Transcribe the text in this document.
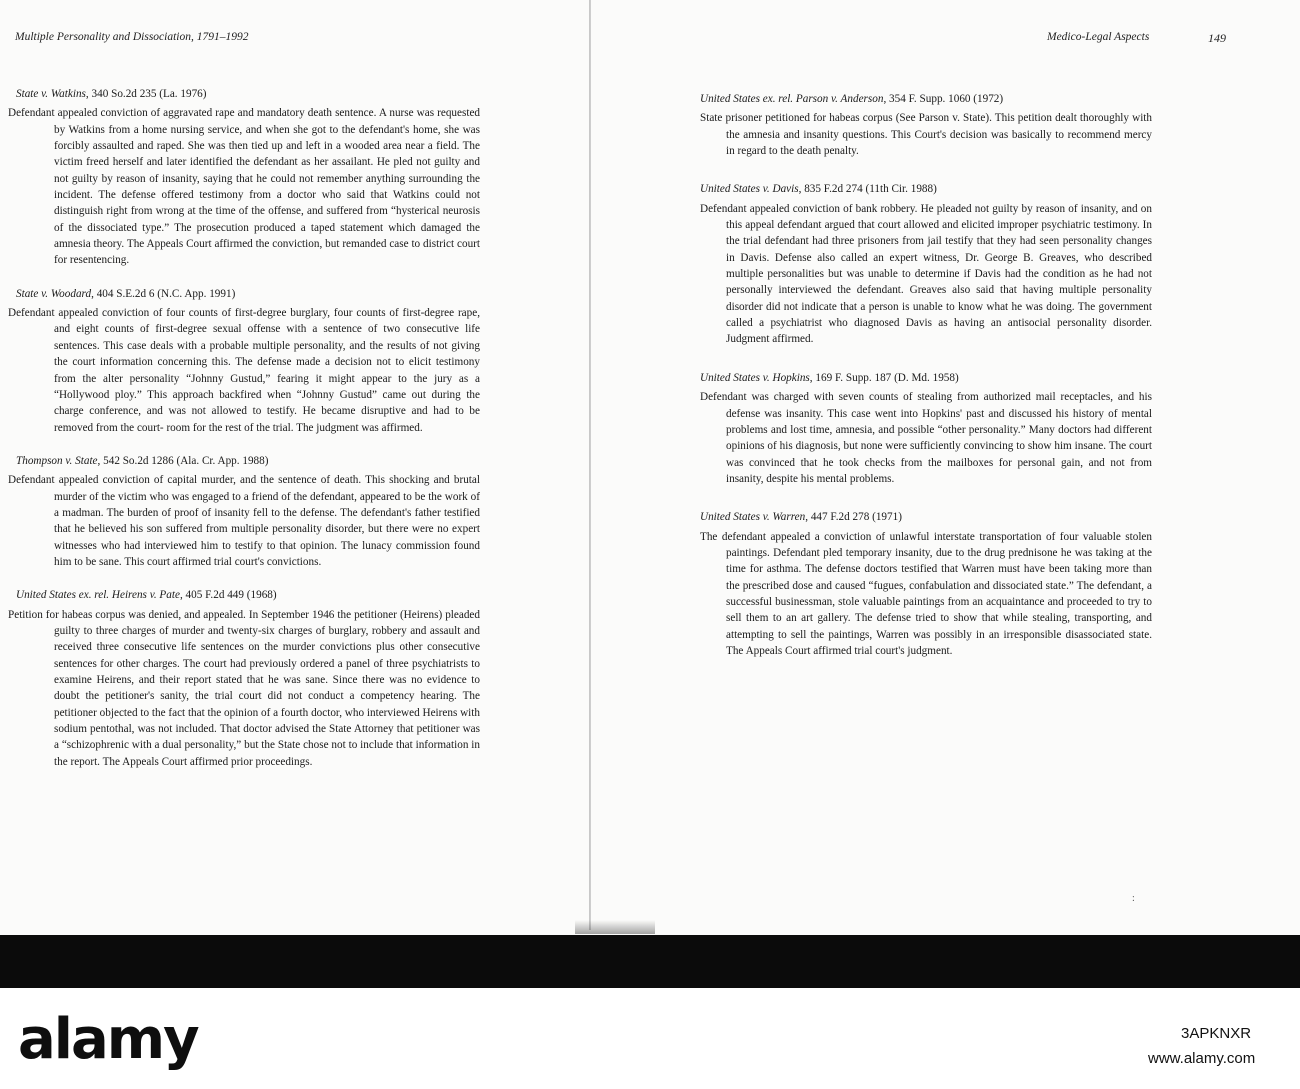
Multiple Personality and Dissociation, 1791–1992	Medico-Legal Aspects	149

State v. Watkins, 340 So.2d 235 (La. 1976)

Defendant appealed conviction of aggravated rape and mandatory death sentence. A nurse was requested by Watkins from a home nursing service, and when she got to the defendant's home, she was forcibly assaulted and raped. She was then tied up and left in a wooded area near a field. The victim freed herself and later identified the defendant as her assailant. He pled not guilty and not guilty by reason of insanity, saying that he could not remember anything surrounding the incident. The defense offered testimony from a doctor who said that Watkins could not distinguish right from wrong at the time of the offense, and suffered from “hysterical neurosis of the dissociated type.” The prosecution produced a taped statement which damaged the amnesia theory. The Appeals Court affirmed the conviction, but remanded case to district court for resentencing.

State v. Woodard, 404 S.E.2d 6 (N.C. App. 1991)

Defendant appealed conviction of four counts of first-degree burglary, four counts of first-degree rape, and eight counts of first-degree sexual offense with a sentence of two consecutive life sentences. This case deals with a probable multiple personality, and the results of not giving the court information concerning this. The defense made a decision not to elicit testimony from the alter personality “Johnny Gustud,” fearing it might appear to the jury as a “Hollywood ploy.” This approach backfired when “Johnny Gustud” came out during the charge conference, and was not allowed to testify. He became disruptive and had to be removed from the court- room for the rest of the trial. The judgment was affirmed.

Thompson v. State, 542 So.2d 1286 (Ala. Cr. App. 1988)

Defendant appealed conviction of capital murder, and the sentence of death. This shocking and brutal murder of the victim who was engaged to a friend of the defendant, appeared to be the work of a madman. The burden of proof of insanity fell to the defense. The defendant's father testified that he believed his son suffered from multiple personality disorder, but there were no expert witnesses who had interviewed him to testify to that opinion. The lunacy commission found him to be sane. This court affirmed trial court's convictions.

United States ex. rel. Heirens v. Pate, 405 F.2d 449 (1968)

Petition for habeas corpus was denied, and appealed. In September 1946 the petitioner (Heirens) pleaded guilty to three charges of murder and twenty-six charges of burglary, robbery and assault and received three consecutive life sentences on the murder convictions plus other consecutive sentences for other charges. The court had previously ordered a panel of three psychiatrists to examine Heirens, and their report stated that he was sane. Since there was no evidence to doubt the petitioner's sanity, the trial court did not conduct a competency hearing. The petitioner objected to the fact that the opinion of a fourth doctor, who interviewed Heirens with sodium pentothal, was not included. That doctor advised the State Attorney that petitioner was a “schizophrenic with a dual personality,” but the State chose not to include that information in the report. The Appeals Court affirmed prior proceedings.

United States ex. rel. Parson v. Anderson, 354 F. Supp. 1060 (1972)

State prisoner petitioned for habeas corpus (See Parson v. State). This petition dealt thoroughly with the amnesia and insanity questions. This Court's decision was basically to recommend mercy in regard to the death penalty.

United States v. Davis, 835 F.2d 274 (11th Cir. 1988)

Defendant appealed conviction of bank robbery. He pleaded not guilty by reason of insanity, and on this appeal defendant argued that court allowed and elicited improper psychiatric testimony. In the trial defendant had three prisoners from jail testify that they had seen personality changes in Davis. Defense also called an expert witness, Dr. George B. Greaves, who described multiple personalities but was unable to determine if Davis had the condition as he had not personally interviewed the defendant. Greaves also said that having multiple personality disorder did not indicate that a person is unable to know what he was doing. The government called a psychiatrist who diagnosed Davis as having an antisocial personality disorder. Judgment affirmed.

United States v. Hopkins, 169 F. Supp. 187 (D. Md. 1958)

Defendant was charged with seven counts of stealing from authorized mail receptacles, and his defense was insanity. This case went into Hopkins' past and discussed his history of mental problems and lost time, amnesia, and possible “other personality.” Many doctors had different opinions of his diagnosis, but none were sufficiently convincing to show him insane. The court was convinced that he took checks from the mailboxes for personal gain, and not from insanity, despite his mental problems.

United States v. Warren, 447 F.2d 278 (1971)

The defendant appealed a conviction of unlawful interstate transportation of four valuable stolen paintings. Defendant pled temporary insanity, due to the drug prednisone he was taking at the time for asthma. The defense doctors testified that Warren must have been taking more than the prescribed dose and caused “fugues, confabulation and dissociated state.” The defendant, a successful businessman, stole valuable paintings from an acquaintance and proceeded to try to sell them to an art gallery. The defense tried to show that while stealing, transporting, and attempting to sell the paintings, Warren was possibly in an irresponsible disassociated state. The Appeals Court affirmed trial court's judgment.

:
alamy	3APKNXR
www.alamy.com
